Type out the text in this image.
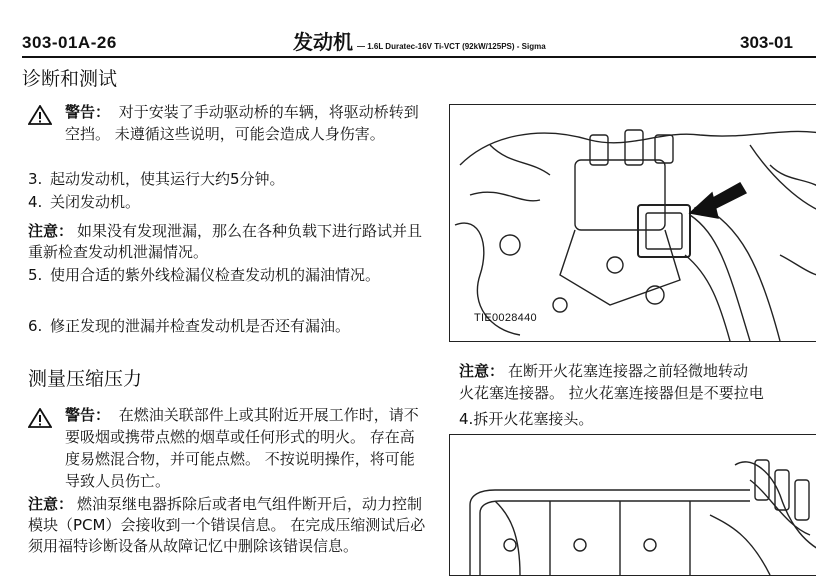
303-01A-26	发动机 — 1.6L Duratec-16V Ti-VCT (92kW/125PS) - Sigma	303-01
诊断和测试
警告： 对于安装了手动驱动桥的车辆，将驱动桥转到空挡。 未遵循这些说明，可能会造成人身伤害。
3. 起动发动机，使其运行大约5分钟。
4. 关闭发动机。
注意： 如果没有发现泄漏，那么在各种负载下进行路试并且重新检查发动机泄漏情况。
5. 使用合适的紫外线检漏仪检查发动机的漏油情况。
6. 修正发现的泄漏并检查发动机是否还有漏油。
测量压缩压力
警告： 在燃油关联部件上或其附近开展工作时，请不要吸烟或携带点燃的烟草或任何形式的明火。 存在高度易燃混合物，并可能点燃。 不按说明操作，将可能导致人员伤亡。
注意： 燃油泵继电器拆除后或者电气组件断开后，动力控制模块（PCM）会接收到一个错误信息。 在完成压缩测试后必须用福特诊断设备从故障记忆中删除该错误信息。
TIE0028440
注意： 在断开火花塞连接器之前轻微地转动
火花塞连接器。 拉火花塞连接器但是不要拉电
4.拆开火花塞接头。
